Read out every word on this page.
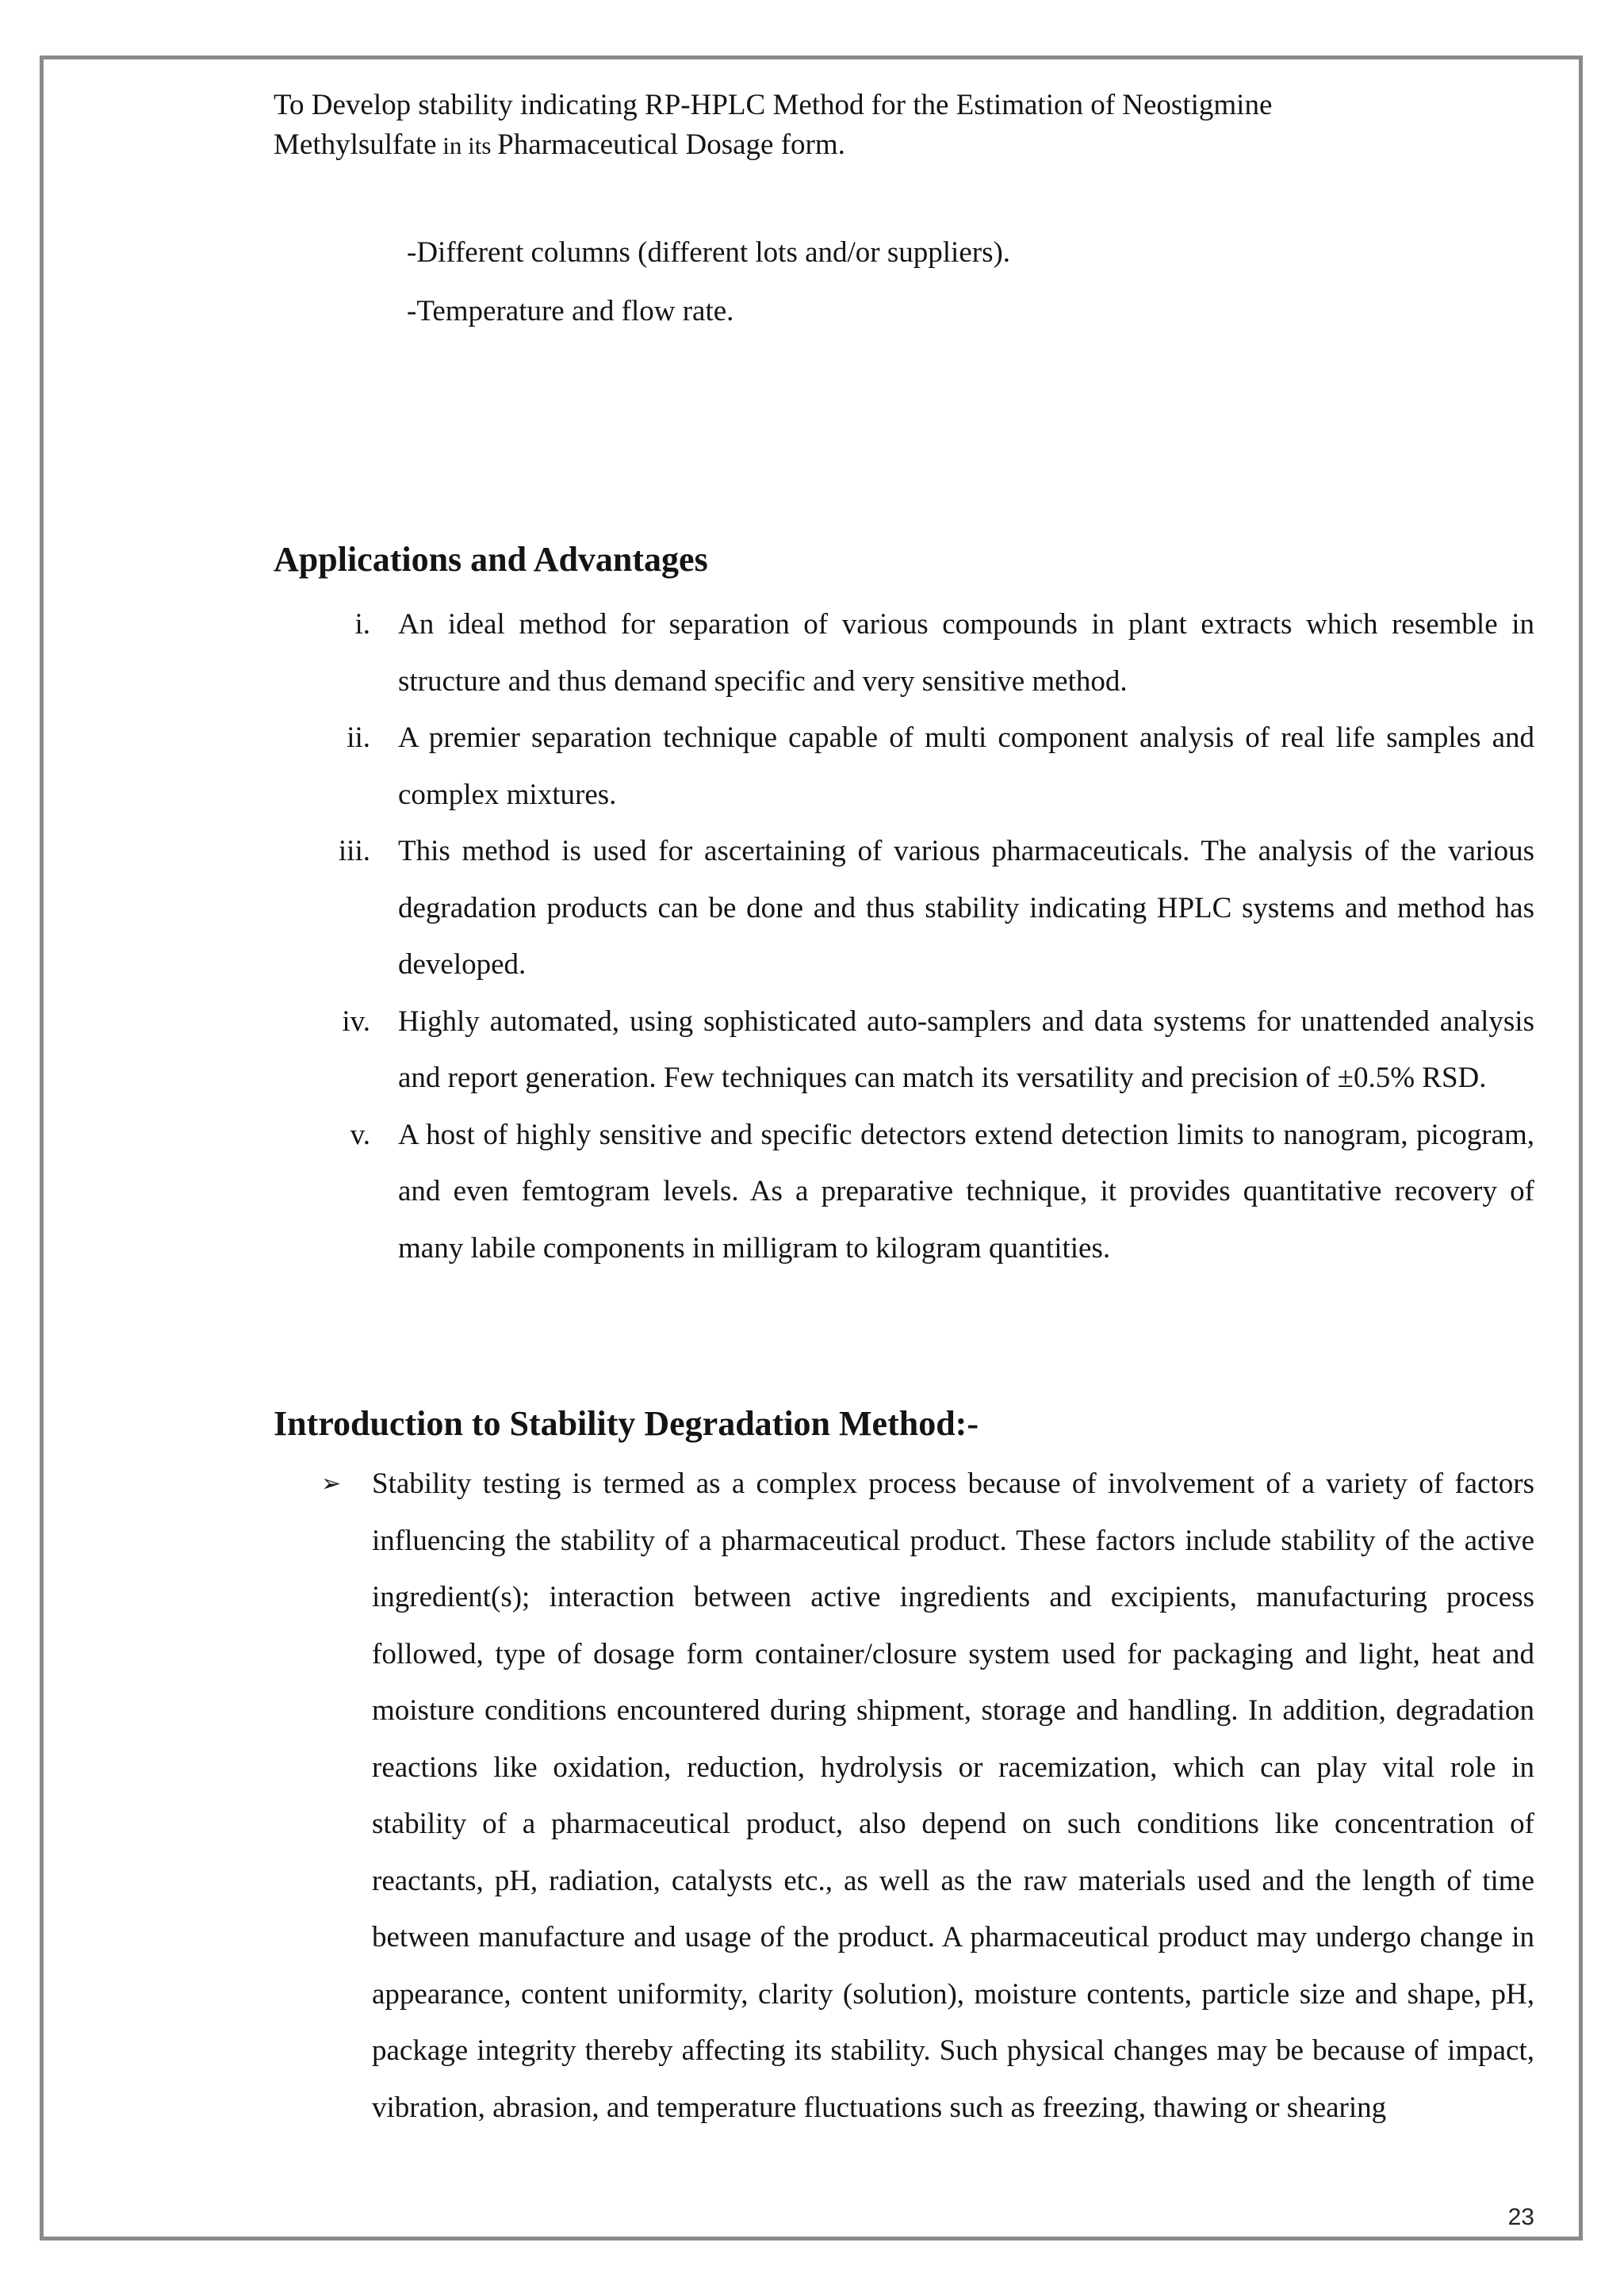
To Develop stability indicating RP-HPLC Method for the Estimation of Neostigmine
Methylsulfate in its Pharmaceutical Dosage form.
-Different columns (different lots and/or suppliers).
-Temperature and flow rate.
Applications and Advantages
i. An ideal method for separation of various compounds in plant extracts which resemble in structure and thus demand specific and very sensitive method.
ii. A premier separation technique capable of multi component analysis of real life samples and complex mixtures.
iii. This method is used for ascertaining of various pharmaceuticals. The analysis of the various degradation products can be done and thus stability indicating HPLC systems and method has developed.
iv. Highly automated, using sophisticated auto-samplers and data systems for unattended analysis and report generation. Few techniques can match its versatility and precision of ±0.5% RSD.
v. A host of highly sensitive and specific detectors extend detection limits to nanogram, picogram, and even femtogram levels. As a preparative technique, it provides quantitative recovery of many labile components in milligram to kilogram quantities.
Introduction to Stability Degradation Method:-
➢	Stability testing is termed as a complex process because of involvement of a variety of factors influencing the stability of a pharmaceutical product. These factors include stability of the active ingredient(s); interaction between active ingredients and excipients, manufacturing process followed, type of dosage form container/closure system used for packaging and light, heat and moisture conditions encountered during shipment, storage and handling. In addition, degradation reactions like oxidation, reduction, hydrolysis or racemization, which can play vital role in stability of a pharmaceutical product, also depend on such conditions like concentration of reactants, pH, radiation, catalysts etc., as well as the raw materials used and the length of time between manufacture and usage of the product. A pharmaceutical product may undergo change in appearance, content uniformity, clarity (solution), moisture contents, particle size and shape, pH, package integrity thereby affecting its stability. Such physical changes may be because of impact, vibration, abrasion, and temperature fluctuations such as freezing, thawing or shearing
23
